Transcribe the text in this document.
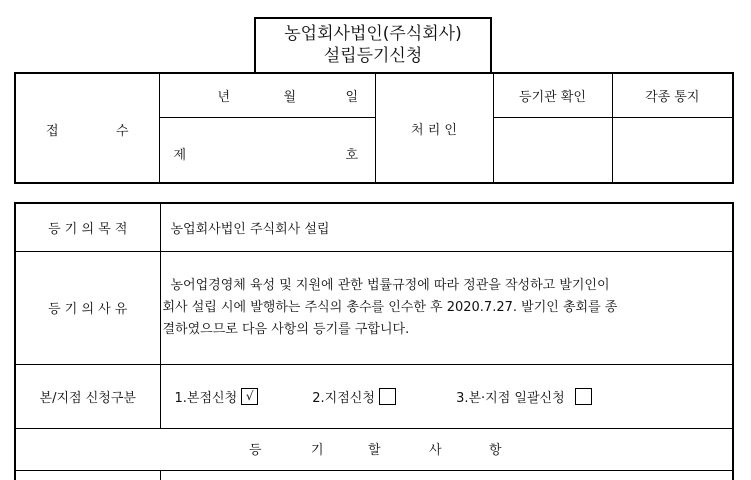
농업회사법인(주식회사)
설립등기신청
접 수	년 월 일	처 리 인	등기관 확인	각종 통지

	제 호			

등 기 의 목 적	농업회사법인 주식회사 설립
등 기 의 사 유	농어업경영체 육성 및 지원에 관한 법률규정에 따라 정관을 작성하고 발기인이
회사 설립 시에 발행하는 주식의 총수를 인수한 후 2020.7.27. 발기인 총회를 종
결하였으므로 다음 사항의 등기를 구합니다.

본/지점 신청구분	1.본점신청 √
2.지점신청
3.본·지점 일괄신청

등 기 할 사 항	
